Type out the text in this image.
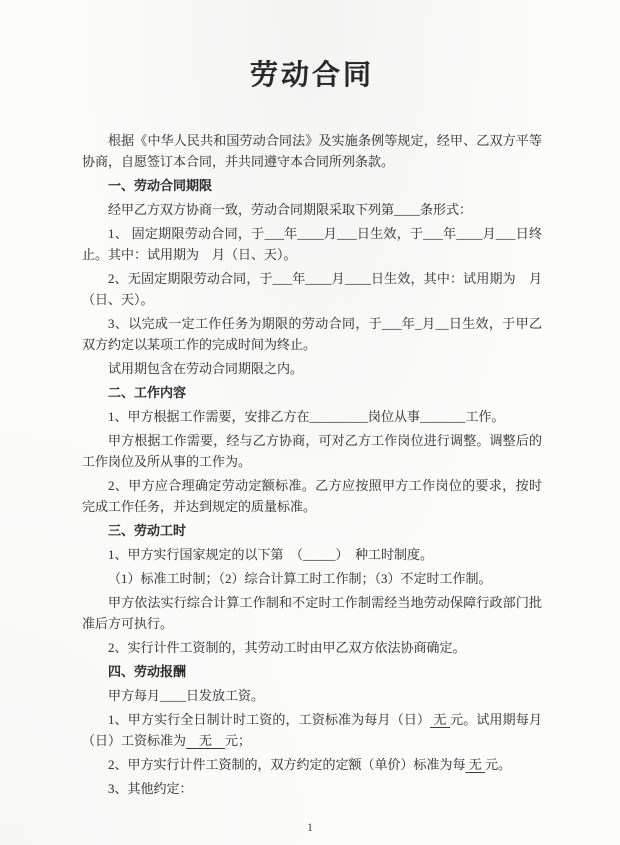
劳动合同

根据《中华人民共和国劳动合同法》及实施条例等规定，经甲、乙双方平等协商，自愿签订本合同，并共同遵守本合同所列条款。

一、劳动合同期限

经甲乙方双方协商一致，劳动合同期限采取下列第____条形式：

1、 固定期限劳动合同，于___年____月___日生效，于___年____月___日终止。其中：试用期为　月（日、天）。

2、无固定期限劳动合同，于___年____月____日生效，其中：试用期为　月（日、天）。

3、以完成一定工作任务为期限的劳动合同，于___年_月__日生效，于甲乙双方约定以某项工作的完成时间为终止。

试用期包含在劳动合同期限之内。

二、工作内容

1、甲方根据工作需要，安排乙方在_________岗位从事_______工作。

甲方根据工作需要，经与乙方协商，可对乙方工作岗位进行调整。调整后的工作岗位及所从事的工作为。

2、甲方应合理确定劳动定额标准。乙方应按照甲方工作岗位的要求，按时完成工作任务，并达到规定的质量标准。

三、劳动工时

1、甲方实行国家规定的以下第　（_____）　种工时制度。

（1）标准工时制；（2）综合计算工时工作制；（3）不定时工作制。

甲方依法实行综合计算工作制和不定时工作制需经当地劳动保障行政部门批准后方可执行。

2、实行计件工资制的，其劳动工时由甲乙双方依法协商确定。

四、劳动报酬

甲方每月____日发放工资。

1、甲方实行全日制计时工资的，工资标准为每月（日） 无 元。试用期每月（日）工资标准为　无　元；

2、甲方实行计件工资制的，双方约定的定额（单价）标准为每 无 元。

3、其他约定：

1
